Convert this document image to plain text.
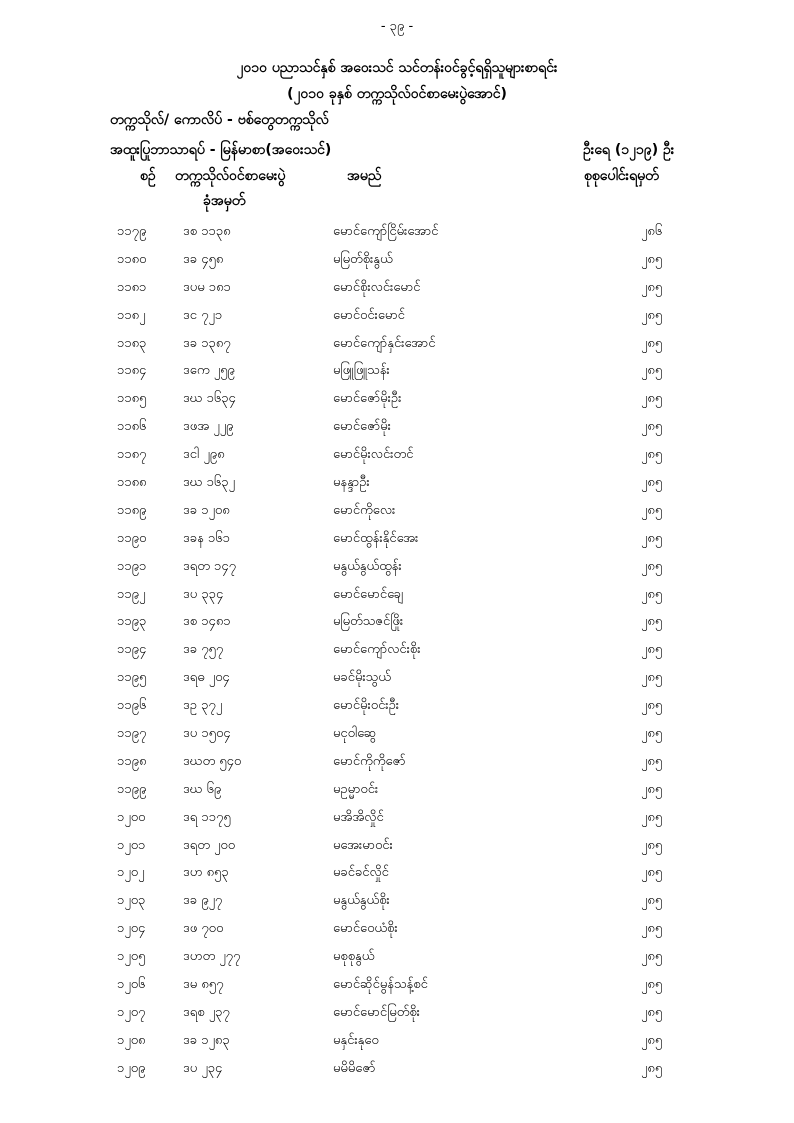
- ၃၉ -
၂၀၁၀ ပညာသင်နှစ် အဝေးသင် သင်တန်းဝင်ခွင့်ရရှိသူများစာရင်း
(၂၀၁၀ ခုနှစ် တက္ကသိုလ်ဝင်စာမေးပွဲအောင်)
တက္ကသိုလ်/ ကောလိပ် - ဗစ်တွေတက္ကသိုလ်
အထူးပြုဘာသာရပ် - မြန်မာစာ(အဝေးသင်)	ဦးရေ (၁၂၁၉) ဦး
စဉ် တက္ကသိုလ်ဝင်စာမေးပွဲ
ခုံအမှတ်
အမည်	စုစုပေါင်းရမှတ်
၁၁၇၉	ဒစ ၁၁၃၈	မောင်ကျော်ငြိမ်းအောင်	၂၈၆
၁၁၈၀	ဒခ ၄၅၈	မမြတ်စိုးနွယ်	၂၈၅
၁၁၈၁	ဒပမ ၁၈၁	မောင်စိုးလင်းမောင်	၂၈၅
၁၁၈၂	ဒင ၇၂၁	မောင်ဝင်းမောင်	၂၈၅
၁၁၈၃	ဒခ ၁၃၈၇	မောင်ကျော်နှင်းအောင်	၂၈၅
၁၁၈၄	ဒကေ ၂၅၉	မဖြူဖြူသန်း	၂၈၅
၁၁၈၅	ဒဃ ၁၆၃၄	မောင်ဇော်မိုးဦး	၂၈၅
၁၁၈၆	ဒဖအ ၂၂၉	မောင်ဇော်မိုး	၂၈၅
၁၁၈၇	ဒငါ ၂၉၈	မောင်မိုးလင်းတင်	၂၈၅
၁၁၈၈	ဒဃ ၁၆၃၂	မနန္ဒာဦး	၂၈၅
၁၁၈၉	ဒခ ၁၂၀၈	မောင်ကိုလေး	၂၈၅
၁၁၉၀	ဒခန ၁၆၁	မောင်ထွန်းနိုင်အေး	၂၈၅
၁၁၉၁	ဒရတ ၁၄၇	မနွယ်နွယ်ထွန်း	၂၈၅
၁၁၉၂	ဒပ ၃၃၄	မောင်မောင်ချေ	၂၈၅
၁၁၉၃	ဒစ ၁၄၈၁	မမြတ်သဇင်ဖြိုး	၂၈၅
၁၁၉၄	ဒခ ၇၅၇	မောင်ကျော်လင်းစိုး	၂၈၅
၁၁၉၅	ဒရဓ ၂၀၄	မခင်မိုးသွယ်	၂၈၅
၁၁၉၆	ဒဥ ၃၇၂	မောင်မိုးဝင်းဦး	၂၈၅
၁၁၉၇	ဒပ ၁၅၀၄	မငုဝါဆွေ	၂၈၅
၁၁၉၈	ဒဃတ ၅၄၀	မောင်ကိုကိုဇော်	၂၈၅
၁၁၉၉	ဒဃ ၆၉	မဥမ္မာဝင်း	၂၈၅
၁၂၀၀	ဒရ ၁၁၇၅	မအိအိလှိုင်	၂၈၅
၁၂၀၁	ဒရတ ၂၀၀	မအေးမာဝင်း	၂၈၅
၁၂၀၂	ဒဟ ၈၅၃	မခင်ခင်လှိုင်	၂၈၅
၁၂၀၃	ဒခ ၉၂၇	မနွယ်နွယ်စိုး	၂၈၅
၁၂၀၄	ဒဖ ၇၀၀	မောင်ဝေယံစိုး	၂၈၅
၁၂၀၅	ဒဟတ ၂၇၇	မစုစုနွယ်	၂၈၅
၁၂၀၆	ဒမ ၈၅၇	မောင်ဆိုင်မွန်သန့်စင်	၂၈၅
၁၂၀၇	ဒရစ ၂၃၇	မောင်မောင်မြတ်စိုး	၂၈၅
၁၂၀၈	ဒခ ၁၂၈၃	မနှင်းနုဝေ	၂၈၅
၁၂၀၉	ဒပ ၂၃၄	မမိမိဇော်	၂၈၅
